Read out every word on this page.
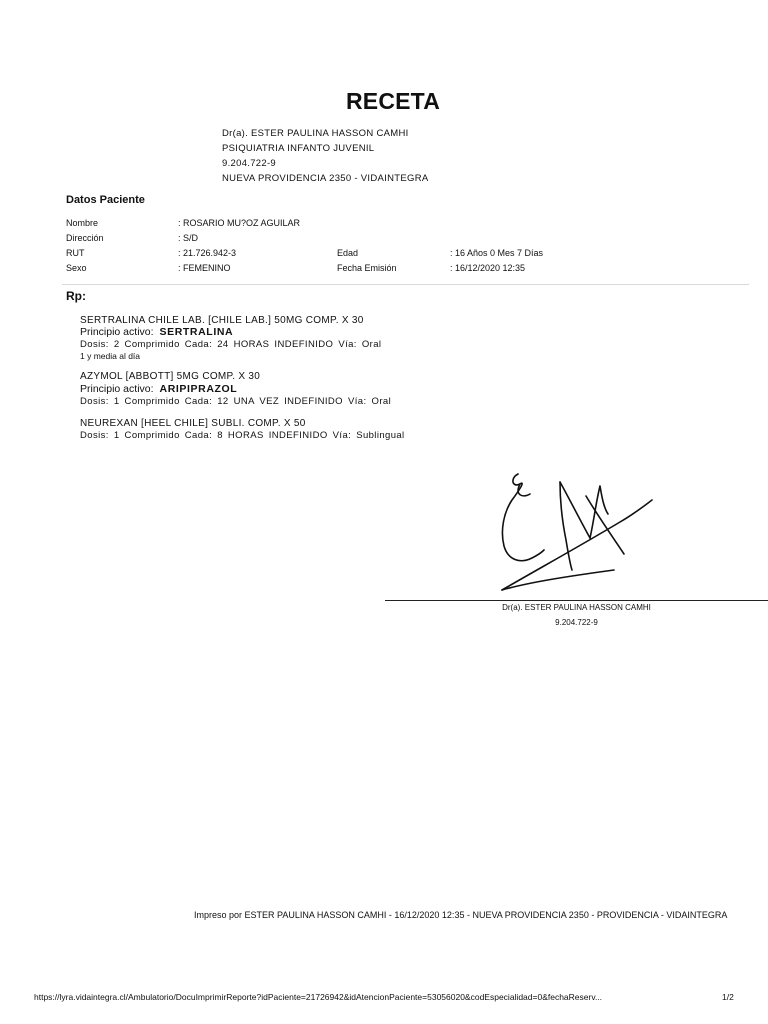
RECETA
Dr(a). ESTER PAULINA HASSON CAMHI
PSIQUIATRIA INFANTO JUVENIL
9.204.722-9
NUEVA PROVIDENCIA 2350 - VIDAINTEGRA
Datos Paciente
Nombre	: ROSARIO MU?OZ AGUILAR
Dirección	: S/D
RUT	: 21.726.942-3	Edad	: 16 Años 0 Mes 7 Días
Sexo	: FEMENINO	Fecha Emisión	: 16/12/2020 12:35
Rp:
SERTRALINA CHILE LAB. [CHILE LAB.] 50MG COMP. X 30
Principio activo: SERTRALINA
Dosis: 2 Comprimido Cada: 24 HORAS INDEFINIDO Vía: Oral
1 y media al día
AZYMOL [ABBOTT] 5MG COMP. X 30
Principio activo: ARIPIPRAZOL
Dosis: 1 Comprimido Cada: 12 UNA VEZ INDEFINIDO Vía: Oral
NEUREXAN [HEEL CHILE] SUBLI. COMP. X 50
Dosis: 1 Comprimido Cada: 8 HORAS INDEFINIDO Vía: Sublingual
Dr(a). ESTER PAULINA HASSON CAMHI
9.204.722-9
Impreso por ESTER PAULINA HASSON CAMHI - 16/12/2020 12:35 - NUEVA PROVIDENCIA 2350 - PROVIDENCIA - VIDAINTEGRA
https://lyra.vidaintegra.cl/Ambulatorio/DocuImprimirReporte?idPaciente=21726942&idAtencionPaciente=53056020&codEspecialidad=0&fechaReserv...	1/2
